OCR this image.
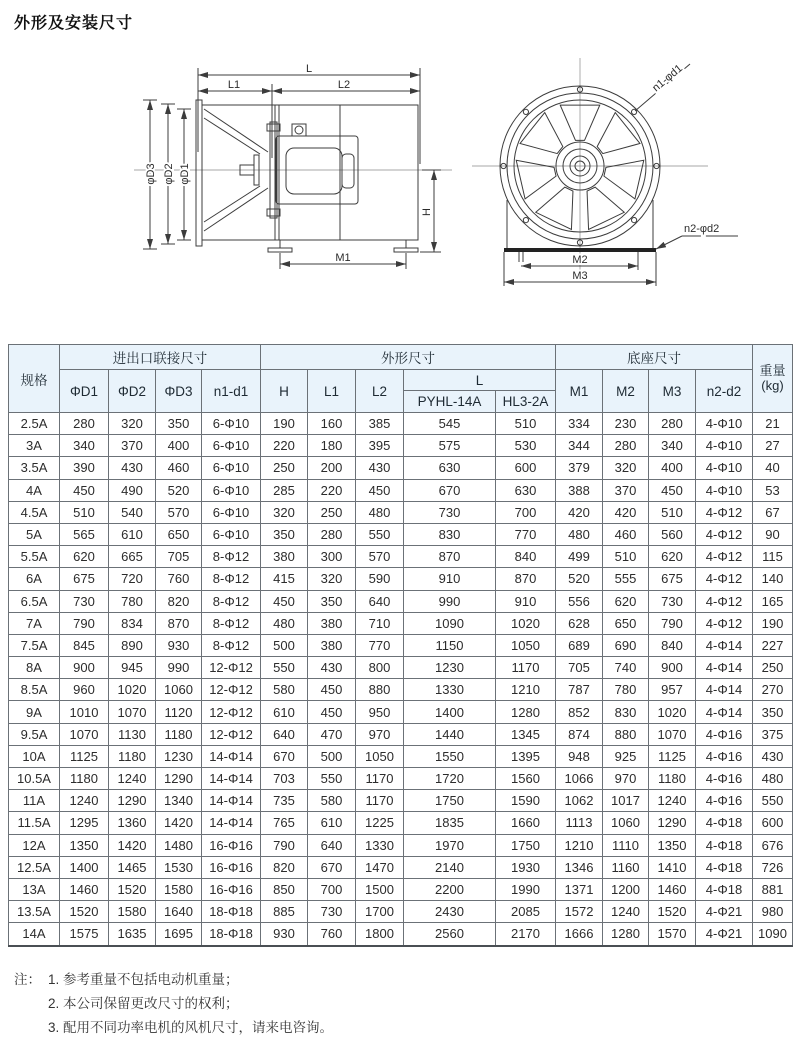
外形及安装尺寸
L
L1	L2
φD3 φD2 φD1
M1
H
M2
M3
n1-φd1
n2-φd2
规格	进出口联接尺寸				外形尺寸					底座尺寸				重量
(kg)

	ΦD1	ΦD2	ΦD3	n1-d1	H	L1	L2	L		M1	M2	M3	n2-d2	
								PYHL-14A	HL3-2A					
2.5A	280	320	350	6-Φ10	190	160	385	545	510	334	230	280	4-Φ10	21
3A	340	370	400	6-Φ10	220	180	395	575	530	344	280	340	4-Φ10	27
3.5A	390	430	460	6-Φ10	250	200	430	630	600	379	320	400	4-Φ10	40
4A	450	490	520	6-Φ10	285	220	450	670	630	388	370	450	4-Φ10	53
4.5A	510	540	570	6-Φ10	320	250	480	730	700	420	420	510	4-Φ12	67
5A	565	610	650	6-Φ10	350	280	550	830	770	480	460	560	4-Φ12	90
5.5A	620	665	705	8-Φ12	380	300	570	870	840	499	510	620	4-Φ12	115
6A	675	720	760	8-Φ12	415	320	590	910	870	520	555	675	4-Φ12	140
6.5A	730	780	820	8-Φ12	450	350	640	990	910	556	620	730	4-Φ12	165
7A	790	834	870	8-Φ12	480	380	710	1090	1020	628	650	790	4-Φ12	190
7.5A	845	890	930	8-Φ12	500	380	770	1150	1050	689	690	840	4-Φ14	227
8A	900	945	990	12-Φ12	550	430	800	1230	1170	705	740	900	4-Φ14	250
8.5A	960	1020	1060	12-Φ12	580	450	880	1330	1210	787	780	957	4-Φ14	270
9A	1010	1070	1120	12-Φ12	610	450	950	1400	1280	852	830	1020	4-Φ14	350
9.5A	1070	1130	1180	12-Φ12	640	470	970	1440	1345	874	880	1070	4-Φ16	375
10A	1125	1180	1230	14-Φ14	670	500	1050	1550	1395	948	925	1125	4-Φ16	430
10.5A	1180	1240	1290	14-Φ14	703	550	1170	1720	1560	1066	970	1180	4-Φ16	480
11A	1240	1290	1340	14-Φ14	735	580	1170	1750	1590	1062	1017	1240	4-Φ16	550
11.5A	1295	1360	1420	14-Φ14	765	610	1225	1835	1660	1113	1060	1290	4-Φ18	600
12A	1350	1420	1480	16-Φ16	790	640	1330	1970	1750	1210	1110	1350	4-Φ18	676
12.5A	1400	1465	1530	16-Φ16	820	670	1470	2140	1930	1346	1160	1410	4-Φ18	726
13A	1460	1520	1580	16-Φ16	850	700	1500	2200	1990	1371	1200	1460	4-Φ18	881
13.5A	1520	1580	1640	18-Φ18	885	730	1700	2430	2085	1572	1240	1520	4-Φ21	980
14A	1575	1635	1695	18-Φ18	930	760	1800	2560	2170	1666	1280	1570	4-Φ21	1090
注： 1. 参考重量不包括电动机重量；
2. 本公司保留更改尺寸的权利；
3. 配用不同功率电机的风机尺寸，请来电咨询。
